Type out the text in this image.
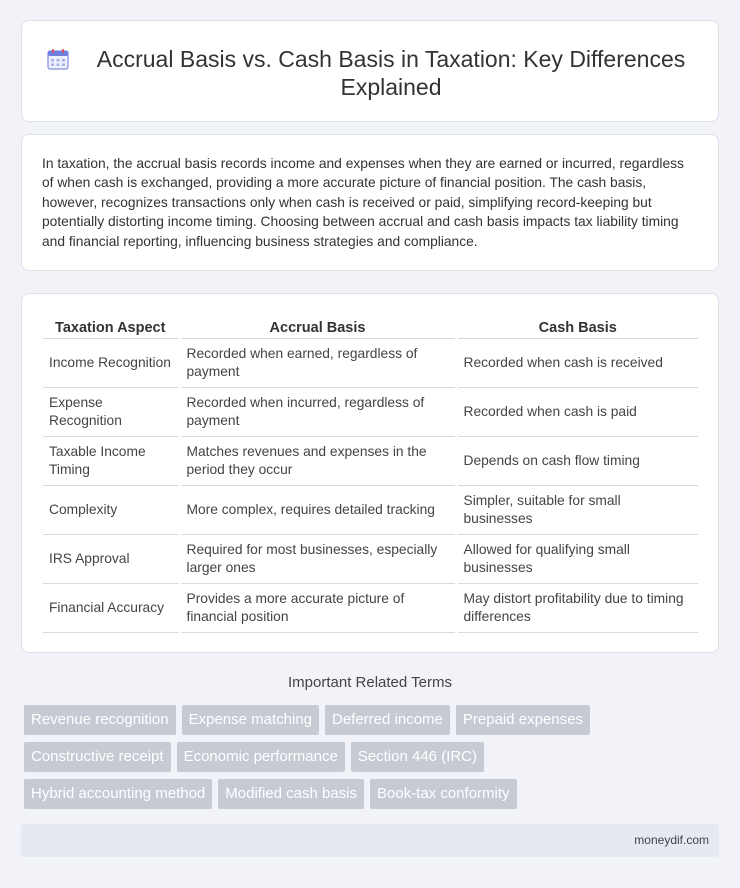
Accrual Basis vs. Cash Basis in Taxation: Key Differences Explained

In taxation, the accrual basis records income and expenses when they are earned or incurred, regardless of when cash is exchanged, providing a more accurate picture of financial position. The cash basis, however, recognizes transactions only when cash is received or paid, simplifying record-keeping but potentially distorting income timing. Choosing between accrual and cash basis impacts tax liability timing and financial reporting, influencing business strategies and compliance.

Taxation Aspect	Accrual Basis	Cash Basis
Income Recognition	Recorded when earned, regardless of payment	Recorded when cash is received
Expense Recognition	Recorded when incurred, regardless of payment	Recorded when cash is paid
Taxable Income Timing	Matches revenues and expenses in the period they occur	Depends on cash flow timing
Complexity	More complex, requires detailed tracking	Simpler, suitable for small businesses
IRS Approval	Required for most businesses, especially larger ones	Allowed for qualifying small businesses
Financial Accuracy	Provides a more accurate picture of financial position	May distort profitability due to timing differences
Important Related Terms
Revenue recognition	Expense matching	Deferred income	Prepaid expenses
Constructive receipt	Economic performance	Section 446 (IRC)
Hybrid accounting method	Modified cash basis	Book-tax conformity
moneydif.com
